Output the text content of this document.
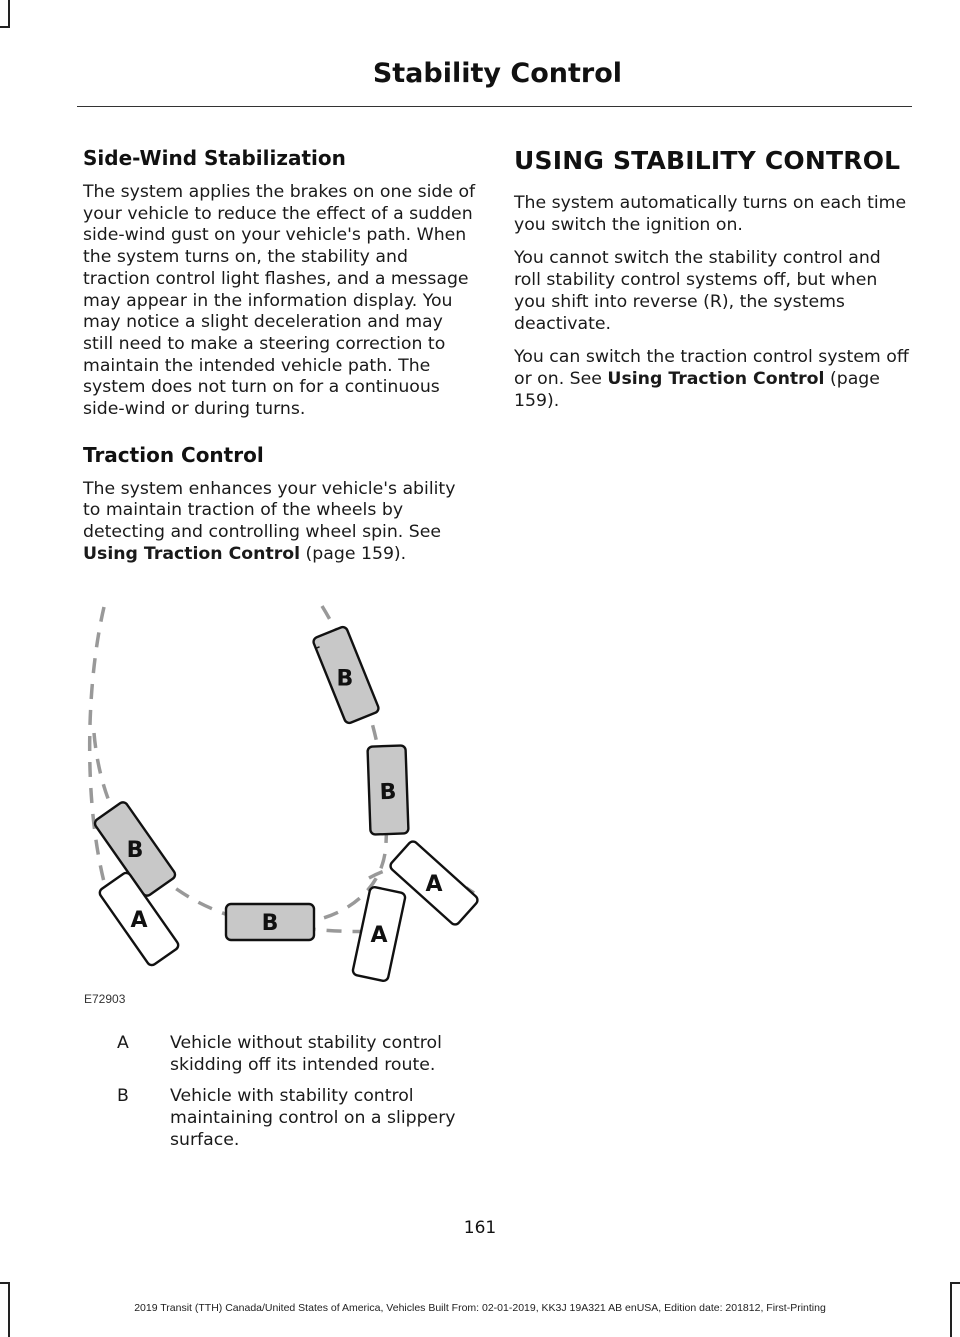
Stability Control
Side-Wind Stabilization

The system applies the brakes on one side of your vehicle to reduce the effect of a sudden side-wind gust on your vehicle's path. When the system turns on, the stability and traction control light flashes, and a message may appear in the information display. You may notice a slight deceleration and may still need to make a steering correction to maintain the intended vehicle path. The system does not turn on for a continuous side-wind or during turns.

Traction Control

The system enhances your vehicle's ability to maintain traction of the wheels by detecting and controlling wheel spin. See Using Traction Control (page 159).

USING STABILITY CONTROL

The system automatically turns on each time you switch the ignition on.

You cannot switch the stability control and roll stability control systems off, but when you shift into reverse (R), the systems deactivate.

You can switch the traction control system off or on. See Using Traction Control (page 159).

B
B
B
B
A
A
A
E72903
A	Vehicle without stability control skidding off its intended route.
B	Vehicle with stability control maintaining control on a slippery surface.
161
2019 Transit (TTH) Canada/United States of America, Vehicles Built From: 02-01-2019, KK3J 19A321 AB enUSA, Edition date: 201812, First-Printing
